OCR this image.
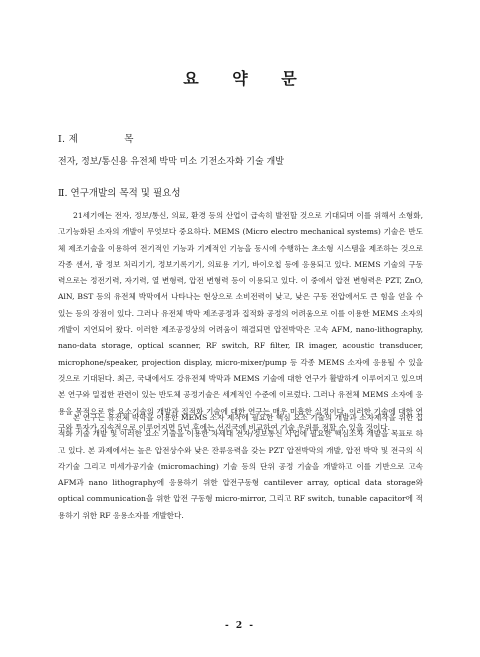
요 약 문
Ⅰ. 제	목
전자, 정보/통신용 유전체 박막 미소 기전소자화 기술 개발
Ⅱ. 연구개발의 목적 및 필요성
21세기에는 전자, 정보/통신, 의료, 환경 등의 산업이 급속히 발전할 것으로 기대되며 이를 위해서 소형화, 고기능화된 소자의 개발이 무엇보다 중요하다. MEMS (Micro electro mechanical systems) 기술은 반도체 제조기술을 이용하여 전기적인 기능과 기계적인 기능을 동시에 수행하는 초소형 시스템을 제조하는 것으로 각종 센서, 광 정보 처리기기, 정보기록기기, 의료용 기기, 바이오칩 등에 응용되고 있다. MEMS 기술의 구동력으로는 정전기력, 자기력, 열 변형력, 압전 변형력 등이 이용되고 있다. 이 중에서 압전 변형력은 PZT, ZnO, AlN, BST 등의 유전체 박막에서 나타나는 현상으로 소비전력이 낮고, 낮은 구동 전압에서도 큰 힘을 얻을 수 있는 등의 장점이 있다. 그러나 유전체 박막 제조공정과 집적화 공정의 어려움으로 이를 이용한 MEMS 소자의 개발이 지연되어 왔다. 이러한 제조공정상의 어려움이 해결되면 압전박막은 고속 AFM, nano-lithography, nano-data storage, optical scanner, RF switch, RF filter, IR imager, acoustic transducer, microphone/speaker, projection display, micro-mixer/pump 등 각종 MEMS 소자에 응용될 수 있을 것으로 기대된다. 최근, 국내에서도 강유전체 박막과 MEMS 기술에 대한 연구가 활발하게 이루어지고 있으며 본 연구와 밀접한 관련이 있는 반도체 공정기술은 세계적인 수준에 이르렀다. 그러나 유전체 MEMS 소자에 응용을 목적으로 한 요소기술의 개발과 집적화 기술에 대한 연구는 매우 미흡한 실정이다. 이러한 기술에 대한 연구와 투자가 지속적으로 이루어지면 5년 후에는 선진국에 비교하여 기술 우위를 점할 수 있을 것이다.
본 연구는 유전체 박막을 이용한 MEMS 소자 제작에 필요한 핵심 요소 기술의 개발과 소자제작을 위한 집적화 기술 개발 및 이러한 요소 기술을 이용한 차세대 전자/정보통신 사업에 필요한 핵심소자 개발을 목표로 하고 있다. 본 과제에서는 높은 압전상수와 낮은 잔류응력을 갖는 PZT 압전박막의 개발, 압전 박막 및 전극의 식각기술 그리고 미세가공기술 (micromaching) 기술 등의 단위 공정 기술을 개발하고 이를 기반으로 고속 AFM과 nano lithography에 응용하기 위한 압전구동형 cantilever array, optical data storage와 optical communication을 위한 압전 구동형 micro-mirror, 그리고 RF switch, tunable capacitor에 적용하기 위한 RF 응용소자를 개발한다.
- 2 -
